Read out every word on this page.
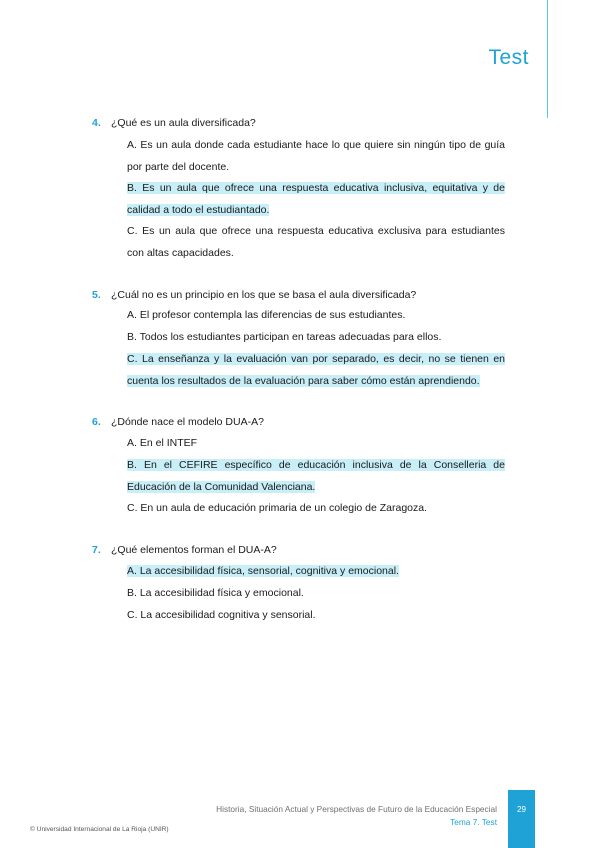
Test
4. ¿Qué es un aula diversificada?
A. Es un aula donde cada estudiante hace lo que quiere sin ningún tipo de guía por parte del docente.
B. Es un aula que ofrece una respuesta educativa inclusiva, equitativa y de calidad a todo el estudiantado.
C. Es un aula que ofrece una respuesta educativa exclusiva para estudiantes con altas capacidades.
5. ¿Cuál no es un principio en los que se basa el aula diversificada?
A. El profesor contempla las diferencias de sus estudiantes.
B. Todos los estudiantes participan en tareas adecuadas para ellos.
C. La enseñanza y la evaluación van por separado, es decir, no se tienen en cuenta los resultados de la evaluación para saber cómo están aprendiendo.
6. ¿Dónde nace el modelo DUA-A?
A. En el INTEF
B. En el CEFIRE específico de educación inclusiva de la Conselleria de Educación de la Comunidad Valenciana.
C. En un aula de educación primaria de un colegio de Zaragoza.
7. ¿Qué elementos forman el DUA-A?
A. La accesibilidad física, sensorial, cognitiva y emocional.
B. La accesibilidad física y emocional.
C. La accesibilidad cognitiva y sensorial.
Historia, Situación Actual y Perspectivas de Futuro de la Educación Especial
Tema 7. Test
29
© Universidad Internacional de La Rioja (UNIR)
